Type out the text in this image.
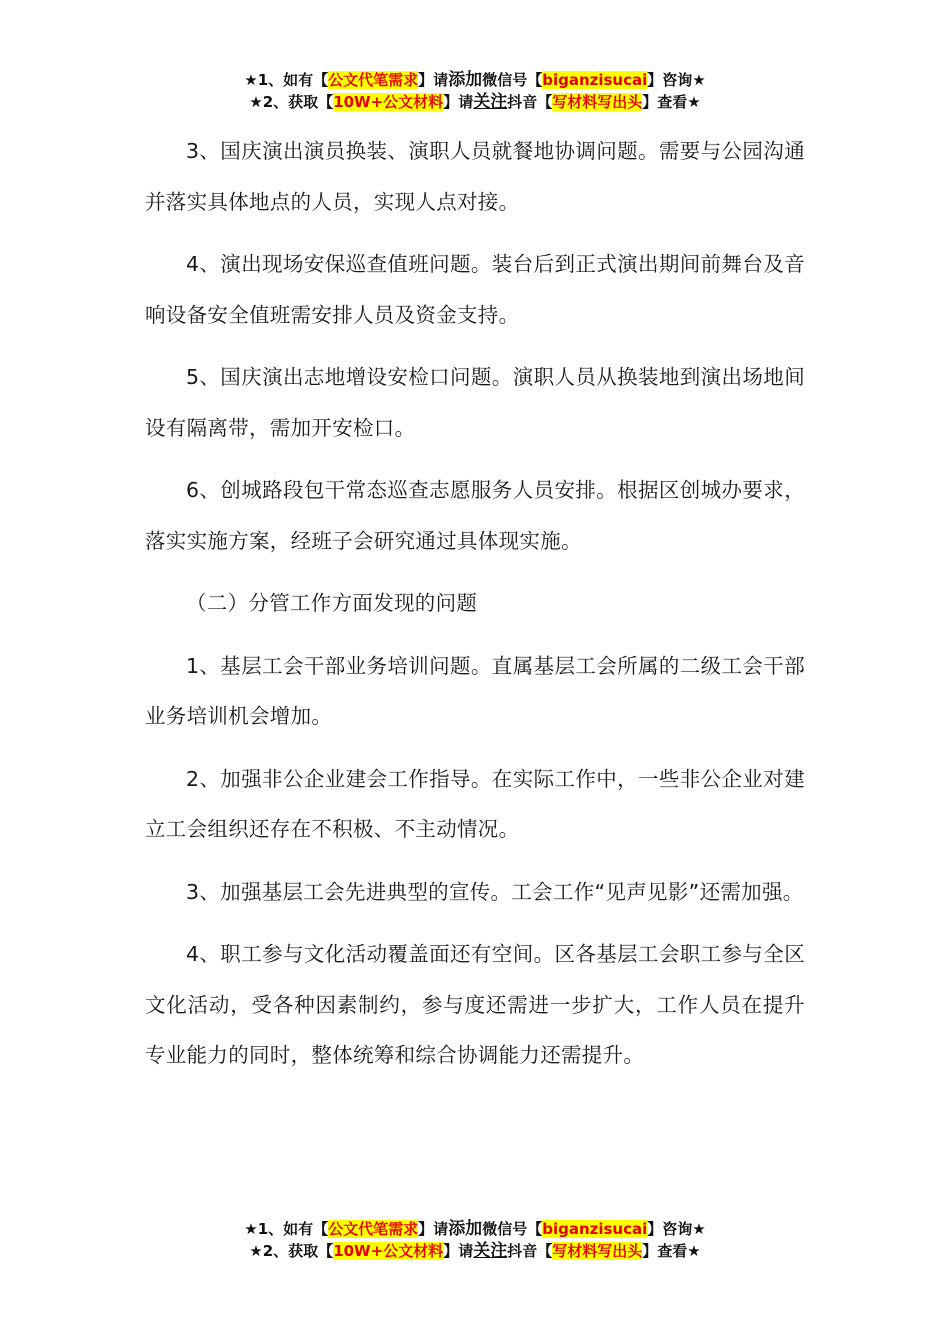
★1、如有【公文代笔需求】请添加微信号【biganzisucai】咨询★
★2、获取【10W+公文材料】请关注抖音【写材料写出头】查看★

3、国庆演出演员换装、演职人员就餐地协调问题。需要与公园沟通并落实具体地点的人员，实现人点对接。

4、演出现场安保巡查值班问题。装台后到正式演出期间前舞台及音响设备安全值班需安排人员及资金支持。

5、国庆演出志地增设安检口问题。演职人员从换装地到演出场地间设有隔离带，需加开安检口。

6、创城路段包干常态巡查志愿服务人员安排。根据区创城办要求，落实实施方案，经班子会研究通过具体现实施。

（二）分管工作方面发现的问题

1、基层工会干部业务培训问题。直属基层工会所属的二级工会干部业务培训机会增加。

2、加强非公企业建会工作指导。在实际工作中，一些非公企业对建立工会组织还存在不积极、不主动情况。

3、加强基层工会先进典型的宣传。工会工作“见声见影”还需加强。

4、职工参与文化活动覆盖面还有空间。区各基层工会职工参与全区文化活动，受各种因素制约，参与度还需进一步扩大，工作人员在提升专业能力的同时，整体统筹和综合协调能力还需提升。

★1、如有【公文代笔需求】请添加微信号【biganzisucai】咨询★
★2、获取【10W+公文材料】请关注抖音【写材料写出头】查看★
